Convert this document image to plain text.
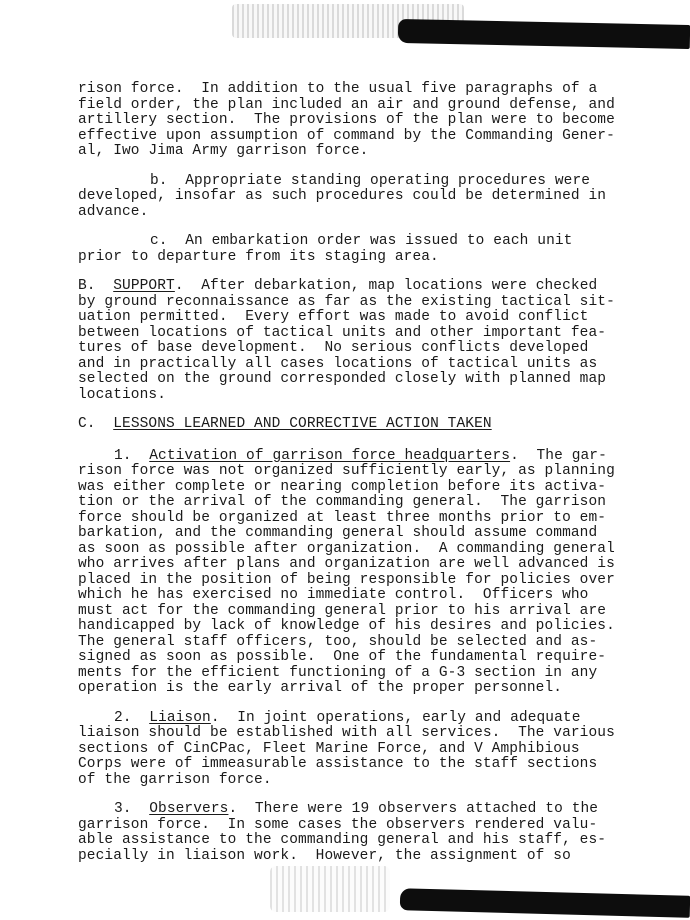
rison force.  In addition to the usual five paragraphs of a
field order, the plan included an air and ground defense, and
artillery section.  The provisions of the plan were to become
effective upon assumption of command by the Commanding Gener-
al, Iwo Jima Army garrison force.
b. Appropriate standing operating procedures were
developed, insofar as such procedures could be determined in
advance.
c. An embarkation order was issued to each unit
prior to departure from its staging area.
B. SUPPORT.  After debarkation, map locations were checked
by ground reconnaissance as far as the existing tactical sit-
uation permitted.  Every effort was made to avoid conflict
between locations of tactical units and other important fea-
tures of base development.  No serious conflicts developed
and in practically all cases locations of tactical units as
selected on the ground corresponded closely with planned map
locations.
C. LESSONS LEARNED AND CORRECTIVE ACTION TAKEN
1. Activation of garrison force headquarters.  The gar-
rison force was not organized sufficiently early, as planning
was either complete or nearing completion before its activa-
tion or the arrival of the commanding general.  The garrison
force should be organized at least three months prior to em-
barkation, and the commanding general should assume command
as soon as possible after organization.  A commanding general
who arrives after plans and organization are well advanced is
placed in the position of being responsible for policies over
which he has exercised no immediate control.  Officers who
must act for the commanding general prior to his arrival are
handicapped by lack of knowledge of his desires and policies.
The general staff officers, too, should be selected and as-
signed as soon as possible.  One of the fundamental require-
ments for the efficient functioning of a G-3 section in any
operation is the early arrival of the proper personnel.
2. Liaison.  In joint operations, early and adequate
liaison should be established with all services.  The various
sections of CinCPac, Fleet Marine Force, and V Amphibious
Corps were of immeasurable assistance to the staff sections
of the garrison force.
3. Observers.  There were 19 observers attached to the
garrison force.  In some cases the observers rendered valu-
able assistance to the commanding general and his staff, es-
pecially in liaison work.  However, the assignment of so
